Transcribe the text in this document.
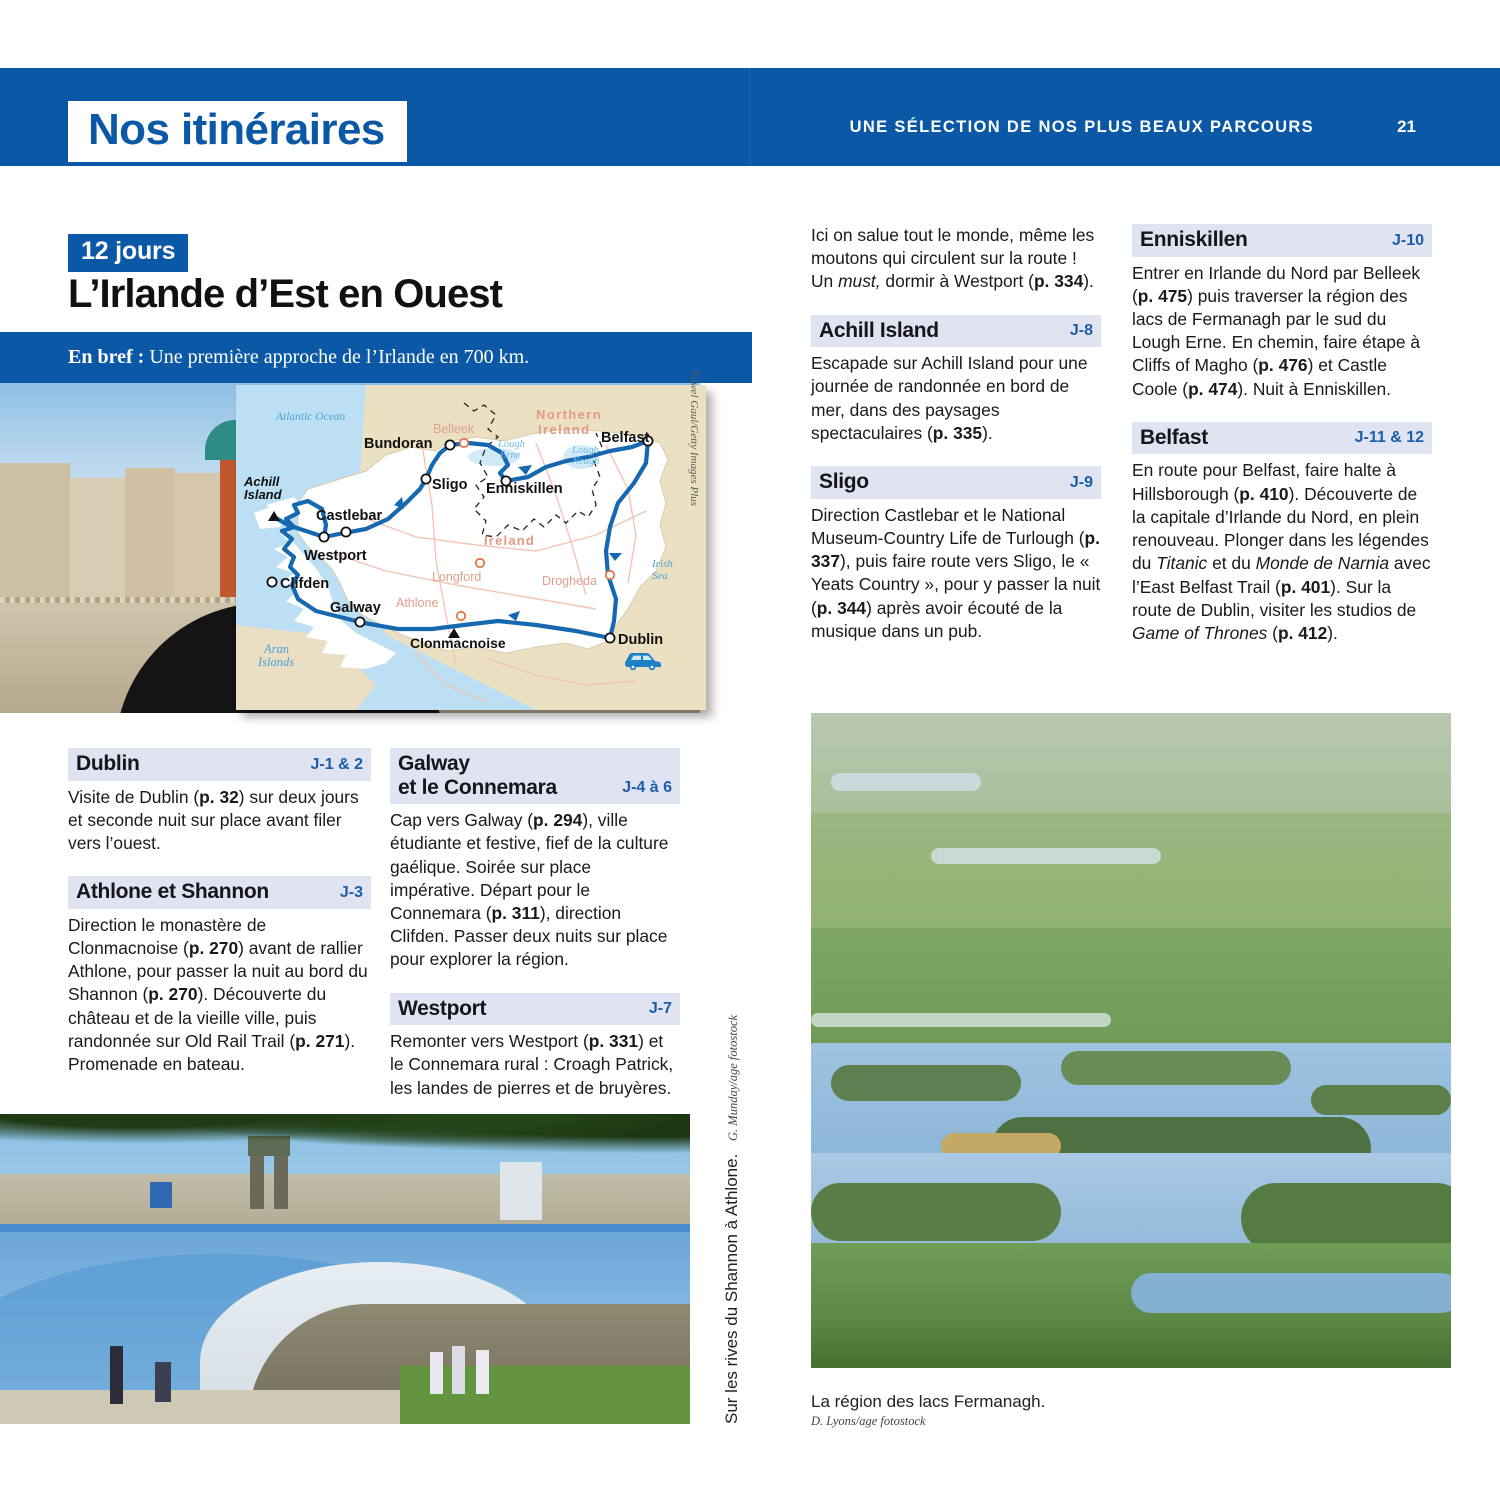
Nos itinéraires	UNE SÉLECTION DE NOS PLUS BEAUX PARCOURS	21
12 jours
L’Irlande d’Est en Ouest
En bref : Une première approche de l’Irlande en 700 km.
Atlantic Ocean
Irish
Sea
Lough
Erne	Lough
Neagh
Northern
Ireland
Ireland
Belleek
Longford	Drogheda
Athlone
Bundoran	Belfast
Sligo Enniskillen
Castlebar
Westport
Clifden
Galway
Dublin
Achill
Island
Clonmacnoise
Aran
Islands
Pawel Gaul/Getty Images Plus
Dublin	J-1 & 2
Visite de Dublin (p. 32) sur deux jours et seconde nuit sur place avant filer vers l’ouest.
Athlone et Shannon	J-3
Direction le monastère de Clonmacnoise (p. 270) avant de rallier Athlone, pour passer la nuit au bord du Shannon (p. 270). Découverte du château et de la vieille ville, puis randonnée sur Old Rail Trail (p. 271). Promenade en bateau.
Galway
et le Connemara	J-4 à 6
Cap vers Galway (p. 294), ville étudiante et festive, fief de la culture gaélique. Soirée sur place impérative. Départ pour le Connemara (p. 311), direction Clifden. Passer deux nuits sur place pour explorer la région.
Westport	J-7
Remonter vers Westport (p. 331) et le Connemara rural : Croagh Patrick, les landes de pierres et de bruyères.
Ici on salue tout le monde, même les moutons qui circulent sur la route ! Un must, dormir à Westport (p. 334).
Achill Island	J-8
Escapade sur Achill Island pour une journée de randonnée en bord de mer, dans des paysages spectaculaires (p. 335).
Sligo	J-9
Direction Castlebar et le National Museum-Country Life de Turlough (p. 337), puis faire route vers Sligo, le « Yeats Country », pour y passer la nuit (p. 344) après avoir écouté de la musique dans un pub.
Enniskillen	J-10
Entrer en Irlande du Nord par Belleek (p. 475) puis traverser la région des lacs de Fermanagh par le sud du Lough Erne. En chemin, faire étape à Cliffs of Magho (p. 476) et Castle Coole (p. 474). Nuit à Enniskillen.
Belfast	J-11 & 12
En route pour Belfast, faire halte à Hillsborough (p. 410). Découverte de la capitale d’Irlande du Nord, en plein renouveau. Plonger dans les légendes du Titanic et du Monde de Narnia avec l’East Belfast Trail (p. 401). Sur la route de Dublin, visiter les studios de Game of Thrones (p. 412).
La région des lacs Fermanagh.
D. Lyons/age fotostock
Sur les rives du Shannon à Athlone. G. Munday/age fotostock
